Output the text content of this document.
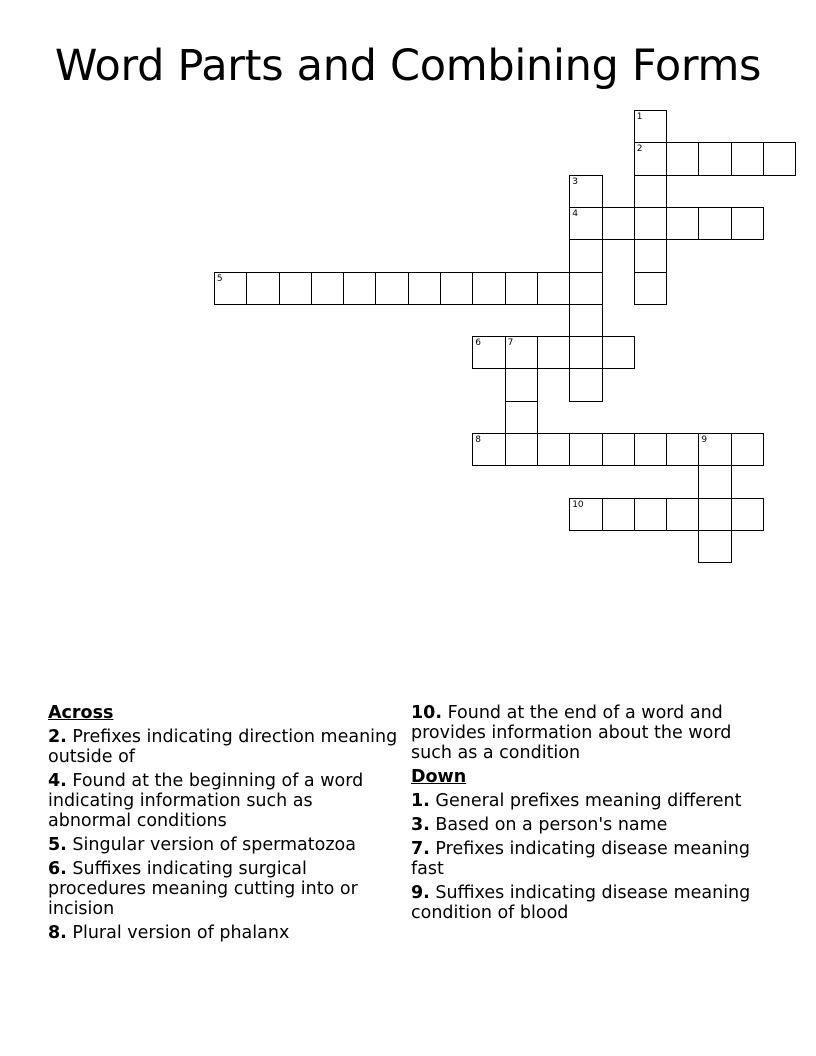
Word Parts and Combining Forms
2
1
3
4
5
6	7
8	9
10
Across
2. Prefixes indicating direction meaning outside of
4. Found at the beginning of a word indicating information such as abnormal conditions
5. Singular version of spermatozoa
6. Suffixes indicating surgical procedures meaning cutting into or incision
8. Plural version of phalanx
10. Found at the end of a word and provides information about the word such as a condition
Down
1. General prefixes meaning different
3. Based on a person's name
7. Prefixes indicating disease meaning fast
9. Suffixes indicating disease meaning condition of blood
